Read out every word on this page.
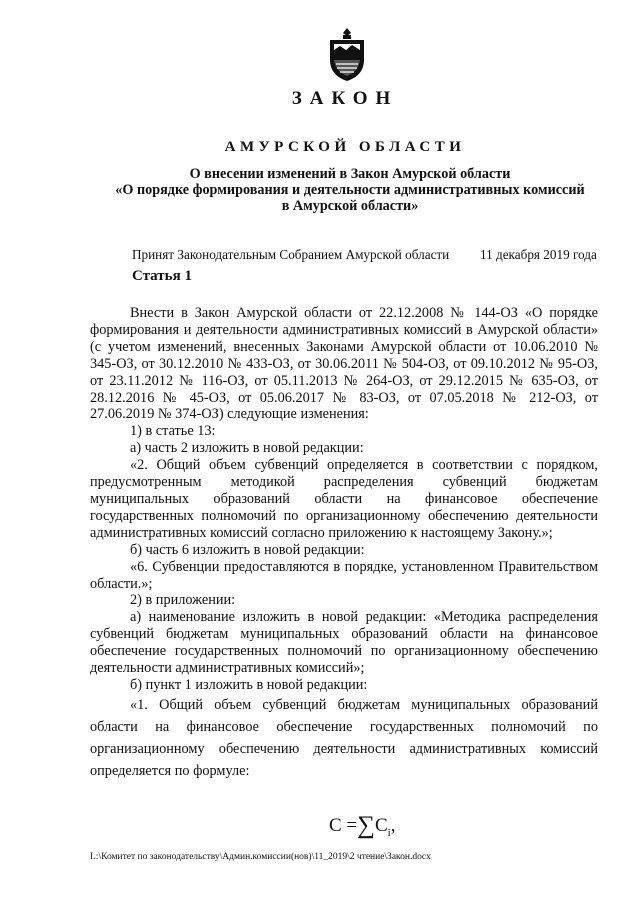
ЗАКОН
АМУРСКОЙ ОБЛАСТИ
О внесении изменений в Закон Амурской области
«О порядке формирования и деятельности административных комиссий
в Амурской области»
Принят Законодательным Собранием Амурской области 11 декабря 2019 года
Статья 1

Внести в Закон Амурской области от 22.12.2008 № 144-ОЗ «О порядке формирования и деятельности административных комиссий в Амурской области» (с учетом изменений, внесенных Законами Амурской области от 10.06.2010 № 345-ОЗ, от 30.12.2010 № 433-ОЗ, от 30.06.2011 № 504-ОЗ, от 09.10.2012 № 95-ОЗ, от 23.11.2012 № 116-ОЗ, от 05.11.2013 № 264-ОЗ, от 29.12.2015 № 635-ОЗ, от 28.12.2016 № 45-ОЗ, от 05.06.2017 № 83-ОЗ, от 07.05.2018 № 212-ОЗ, от 27.06.2019 № 374-ОЗ) следующие изменения:

1) в статье 13:

а) часть 2 изложить в новой редакции:

«2. Общий объем субвенций определяется в соответствии с порядком, предусмотренным методикой распределения субвенций бюджетам муниципальных образований области на финансовое обеспечение государственных полномочий по организационному обеспечению деятельности административных комиссий согласно приложению к настоящему Закону.»;

б) часть 6 изложить в новой редакции:

«6. Субвенции предоставляются в порядке, установленном Правительством области.»;

2) в приложении:

а) наименование изложить в новой редакции: «Методика распределения субвенций бюджетам муниципальных образований области на финансовое обеспечение государственных полномочий по организационному обеспечению деятельности административных комиссий»;

б) пункт 1 изложить в новой редакции:

«1. Общий объем субвенций бюджетам муниципальных образований области на финансовое обеспечение государственных полномочий по организационному обеспечению деятельности административных комиссий определяется по формуле:

$C =\sum C_i$,
L:\Комитет по законодательству\Админ.комиссии(нов)\11_2019\2 чтение\Закон.docx
